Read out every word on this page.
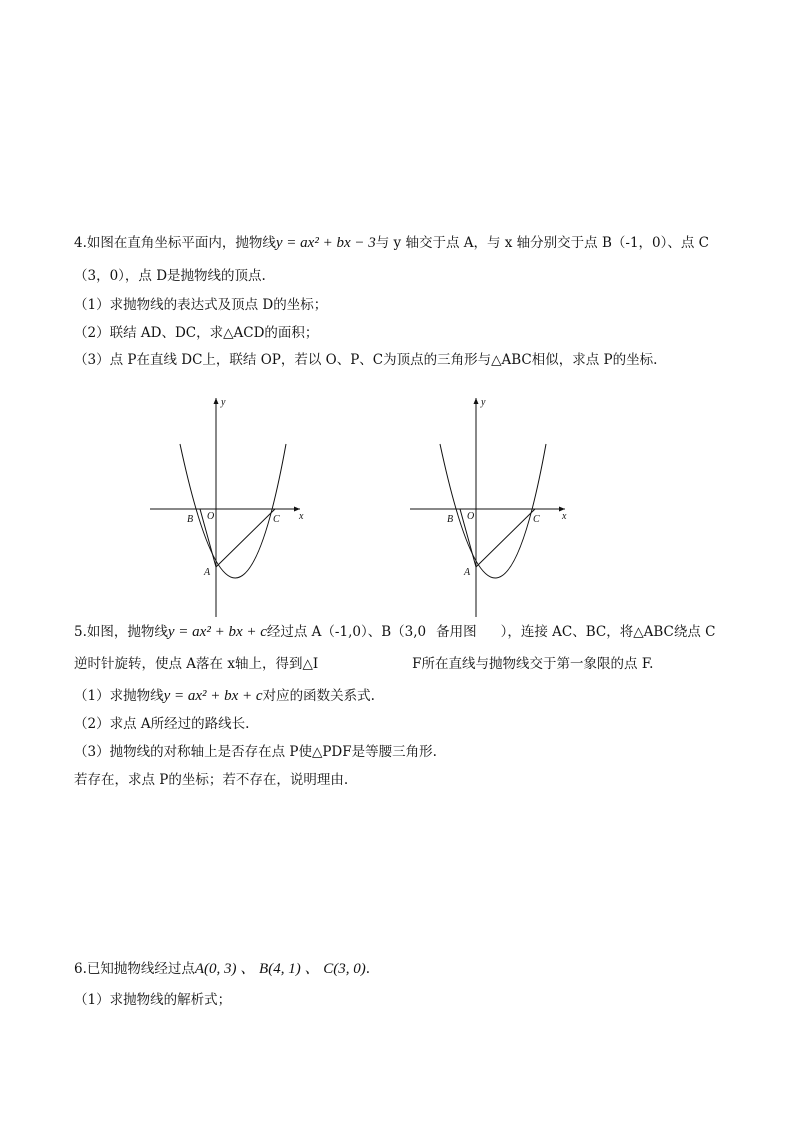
4.如图在直角坐标平面内，抛物线y = ax² + bx − 3与 y 轴交于点 A，与 x 轴分别交于点 B（-1，0）、点 C
（3，0），点 D是抛物线的顶点.
（1）求抛物线的表达式及顶点 D的坐标；
（2）联结 AD、DC，求△ACD的面积；
（3）点 P在直线 DC上，联结 OP，若以 O、P、C为顶点的三角形与△ABC相似，求点 P的坐标.
y
x
O
B	C
A
y
x
O
B	C
A
5.如图，抛物线y = ax² + bx + c经过点 A（-1,0）、B（3,0 备用图 ），连接 AC、BC，将△ABC绕点 C
逆时针旋转，使点 A落在 x轴上，得到△I	F所在直线与抛物线交于第一象限的点 F.
（1）求抛物线y = ax² + bx + c对应的函数关系式.
（2）求点 A所经过的路线长.
（3）抛物线的对称轴上是否存在点 P使△PDF是等腰三角形.
若存在，求点 P的坐标；若不存在，说明理由.
6.已知抛物线经过点A(0, 3) 、 B(4, 1) 、 C(3, 0).
（1）求抛物线的解析式；
